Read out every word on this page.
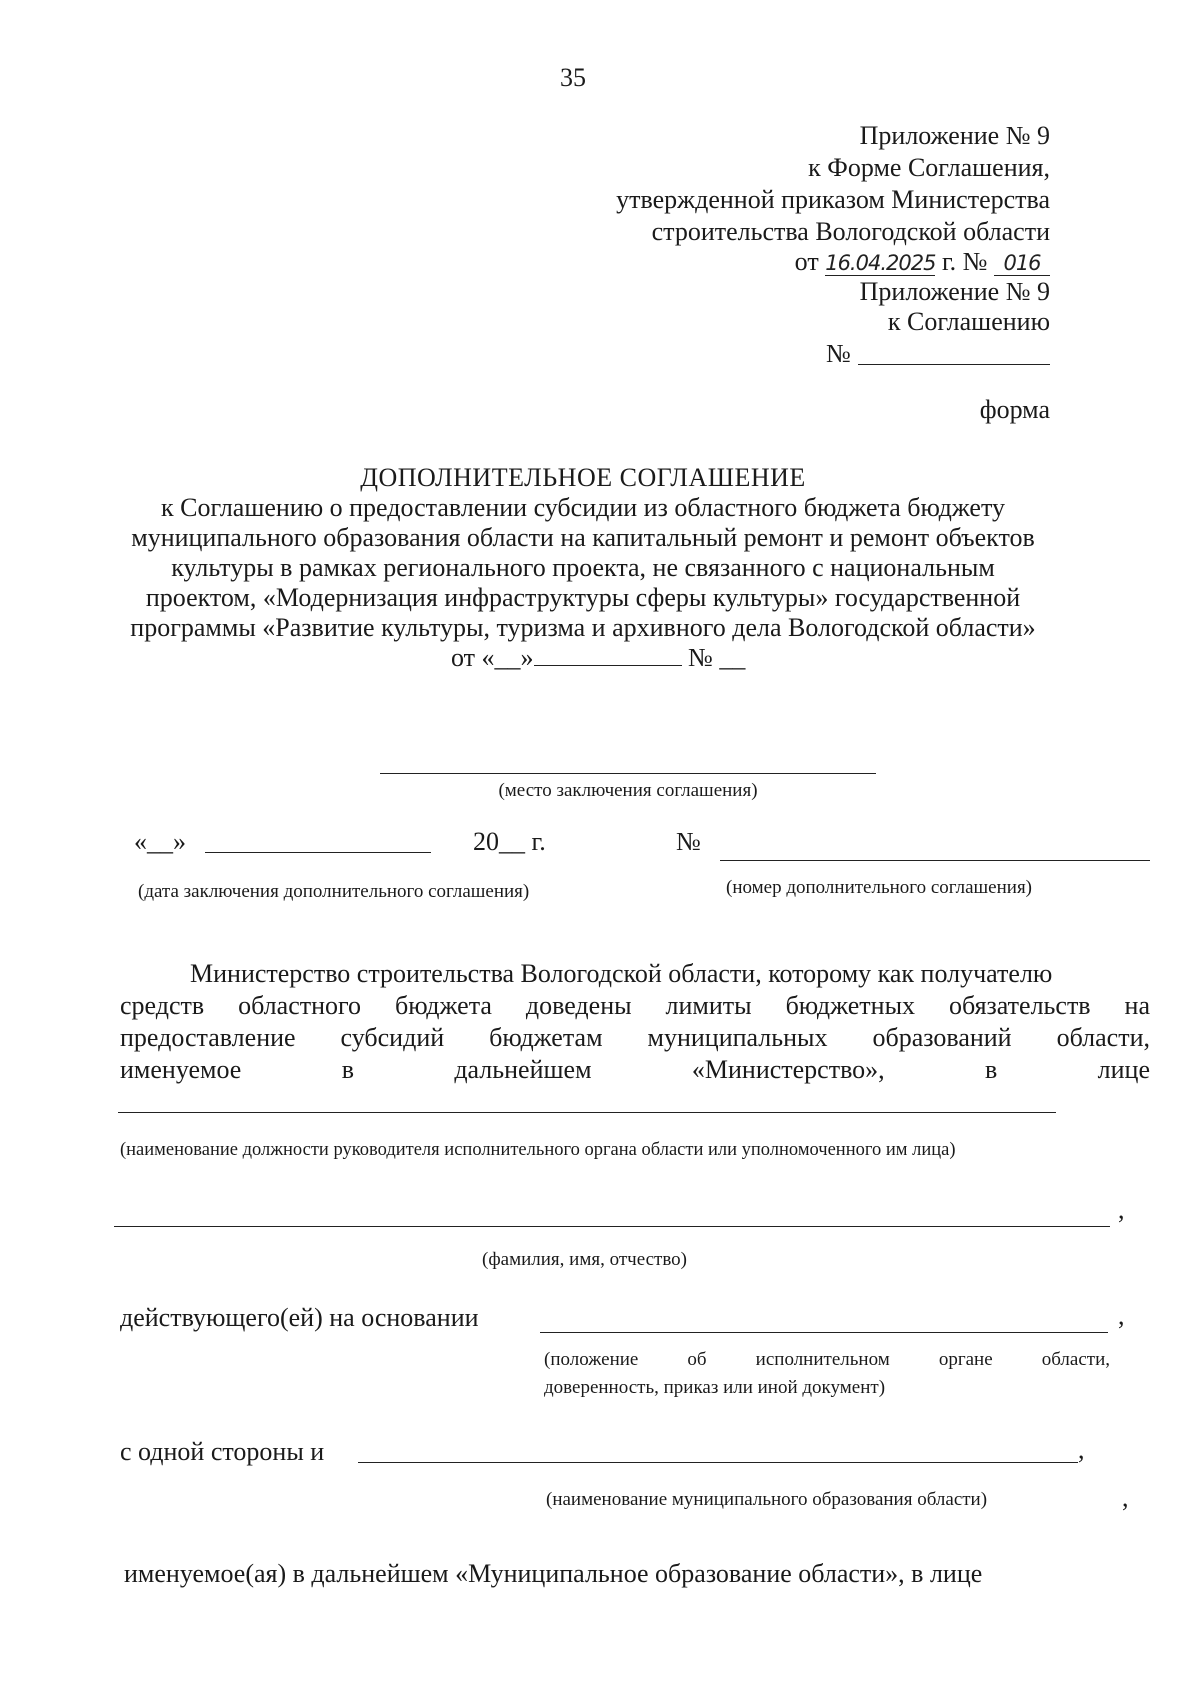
35
Приложение № 9
к Форме Соглашения,
утвержденной приказом Министерства
строительства Вологодской области
от 16.04.2025 г. № 016
Приложение № 9
к Соглашению
№
форма
ДОПОЛНИТЕЛЬНОЕ СОГЛАШЕНИЕ
к Соглашению о предоставлении субсидии из областного бюджета бюджету
муниципального образования области на капитальный ремонт и ремонт объектов
культуры в рамках регионального проекта, не связанного с национальным
проектом, «Модернизация инфраструктуры сферы культуры» государственной
программы «Развитие культуры, туризма и архивного дела Вологодской области»
от «__»	№ __
(место заключения соглашения)
«__»	20__ г.	№
(дата заключения дополнительного соглашения)	(номер дополнительного соглашения)
Министерство строительства Вологодской области, которому как получателю
средств областного бюджета доведены лимиты бюджетных обязательств на
предоставление субсидий бюджетам муниципальных образований области,
именуемое	в	дальнейшем	«Министерство»,	в	лице
(наименование должности руководителя исполнительного органа области или уполномоченного им лица)
,
(фамилия, имя, отчество)
действующего(ей) на основании	,
(положение об исполнительном органе области,
доверенность, приказ или иной документ)
с одной стороны и	,
(наименование муниципального образования области)	,
именуемое(ая) в дальнейшем «Муниципальное образование области», в лице
